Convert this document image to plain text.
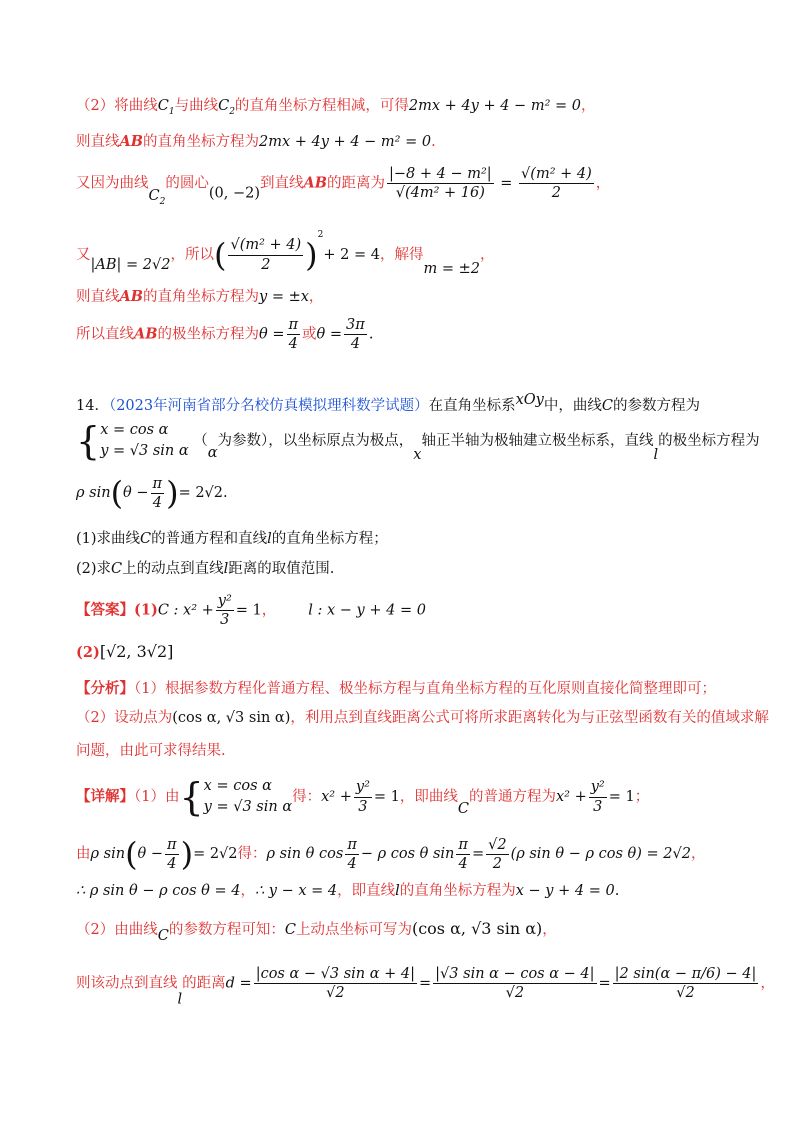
（2）将曲线$C_1$与曲线$C_2$的直角坐标方程相减，可得2mx + 4y + 4 − m² = 0，
则直线AB的直角坐标方程为2mx + 4y + 4 − m² = 0.
又因为曲线$C_2$的圆心(0, −2)到直线AB的距离为 $\frac{\text{|−8 + 4 − m²|}}{\text{√(4m² + 16)}} = \frac{\text{√(m² + 4)}}{2}$ ，
又|AB| = 2√2，所以( $\frac{\text{√(m² + 4)}}{2} )^2+ 2 = 4$，解得m = ±2，
则直线AB的直角坐标方程为y = ±x，
所以直线AB的极坐标方程为$\theta = \frac{\pi}{4}$ 或$\theta = \frac{3\pi}{4}$ .
14．（2023年河南省部分名校仿真模拟理科数学试题）在直角坐标系xOy中，曲线C的参数方程为
{ x = cos α
y = √3 sin α
（α为参数），以坐标原点为极点，x轴正半轴为极轴建立极坐标系，直线l的极坐标方程为
ρ $\sin(\theta - \frac{\pi}{4}$ )= 2√2.
(1)求曲线C的普通方程和直线l的直角坐标方程；
(2)求C上的动点到直线l距离的取值范围.
【答案】(1)C : $x^2 + \frac{\text{y²}}{3} = 1$， l : x − y + 4 = 0
(2)[√2, 3√2]
【分析】（1）根据参数方程化普通方程、极坐标方程与直角坐标方程的互化原则直接化简整理即可；
（2）设动点为(cos α, √3 sin α)，利用点到直线距离公式可将所求距离转化为与正弦型函数有关的值域求解
问题，由此可求得结果.
【详解】（1）由{ x = cos α
y = √3 sin α
得：$x^2 + \frac{\text{y²}}{3} = 1$，即曲线C的普通方程为$x^2 + \frac{\text{y²}}{3} = 1$；
由ρ $\sin(\theta - \frac{\pi}{4}$ )= 2√2得：ρ sin θ $\cos \frac{\pi}{4} - \rho$ cos θ $\sin \frac{\pi}{4} = \frac{√2}{2} (\rho$ sin θ − ρ cos θ) = 2√2，
∴ ρ sin θ − ρ cos θ = 4，∴ y − x = 4，即直线l的直角坐标方程为x − y + 4 = 0.
（2）由曲线C的参数方程可知：C上动点坐标可写为(cos α, √3 sin α)，
则该动点到直线l的距离$d = \frac{\text{|cos α − √3 sin α + 4|}}{√2} = \frac{\text{|√3 sin α − cos α − 4|}}{√2} = \frac{|2 \sin(\alpha - \pi/6) - 4|}{√2}$ ，
